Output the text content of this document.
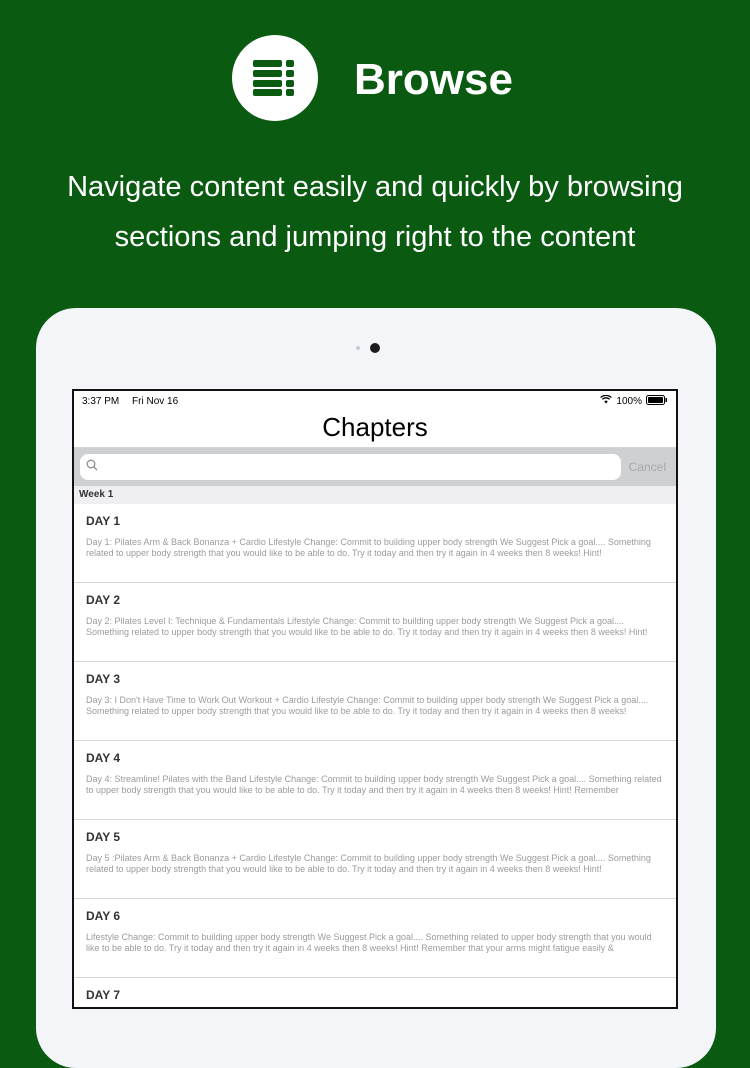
Browse

Navigate content easily and quickly by browsing sections and jumping right to the content

3:37 PM Fri Nov 16	100%
Chapters
Cancel
Week 1
DAY 1
Day 1: Pilates Arm & Back Bonanza + Cardio Lifestyle Change: Commit to building upper body strength We Suggest Pick a goal.... Something related to upper body strength that you would like to be able to do. Try it today and then try it again in 4 weeks then 8 weeks! Hint!
DAY 2
Day 2: Pilates Level I: Technique & Fundamentals Lifestyle Change: Commit to building upper body strength We Suggest Pick a goal.... Something related to upper body strength that you would like to be able to do. Try it today and then try it again in 4 weeks then 8 weeks! Hint!
DAY 3
Day 3: I Don't Have Time to Work Out Workout + Cardio Lifestyle Change: Commit to building upper body strength We Suggest Pick a goal.... Something related to upper body strength that you would like to be able to do. Try it today and then try it again in 4 weeks then 8 weeks!
DAY 4
Day 4: Streamline! Pilates with the Band Lifestyle Change: Commit to building upper body strength We Suggest Pick a goal.... Something related to upper body strength that you would like to be able to do. Try it today and then try it again in 4 weeks then 8 weeks! Hint! Remember
DAY 5
Day 5 :Pilates Arm & Back Bonanza + Cardio Lifestyle Change: Commit to building upper body strength We Suggest Pick a goal.... Something related to upper body strength that you would like to be able to do. Try it today and then try it again in 4 weeks then 8 weeks! Hint!
DAY 6
Lifestyle Change: Commit to building upper body strength We Suggest Pick a goal.... Something related to upper body strength that you would like to be able to do. Try it today and then try it again in 4 weeks then 8 weeks! Hint! Remember that your arms might fatigue easily &
DAY 7
